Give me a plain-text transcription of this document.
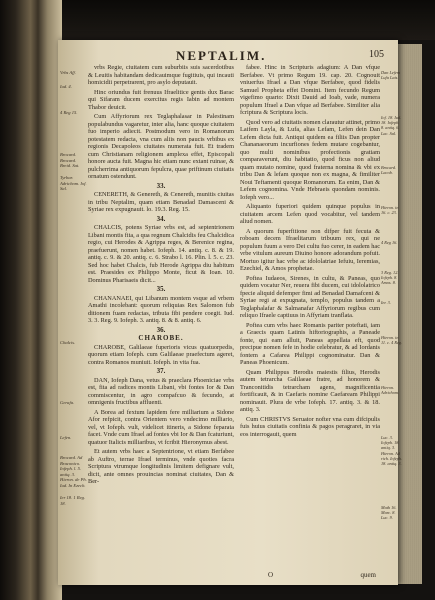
NEPTALIM.	105

vrbs Regie, ciuitatem cum suburbiis suis sacerdotibus & Leuitis habitandam dedicauimque fugitiuis, qui incauti homicidii perpetrarent, pro asylo deputauit.

Hinc oriundus fuit frenuus Ifraelitice gentis dux Barac qui Sifaram ducem exercitus regis Iabin ad montem Thabor deuicit.

Cum Affyriorum rex Teglaphalasar in Palestinam populabundus vagaretur, inter alia, hanc quoque ciuitatem fuo imperio adiecit. Postmodum vero in Romanorum potestatem redacta, vna cum aliis non paucis vrbibus ex regionis Decapoleos ciuitates numerata fuit. Et tradem cum Christianam religionem amplexa effet, Episcopali honore aucta fuit. Magna hic etiam nunc extant ruinae, & pulcherrima antiquorum fepulcra, quae priftinum ciuitatis ornatum ostendunt.

33.

CENERETH, & Genereth, & Cenereth, munitis ciuitas in tribu Neptalim, quam etiam Benadad Damasceni & Syriae rex expugnauit. lo. 19.3. Reg. 15.

34.

CHALCIS, potens Syriae vrbs est, ad septentrionem Libani montis fita, a qua regnum Chalcidis feu Chalcidica regio, cui Herodes & Agrippa reges, & Berenice regina, praefuerunt, nomen habet. Iofeph. 14. antiq. c. 8. & 19. antiq. c. 9. & 20. antiq. c. 6. Strabo l. 16. Plin. l. 5. c. 23. Sed hoc habet Chalcis, fub Herode Agrippa diu habitum est. Praesides ex Philippo Monte, ficut & Ioan. 10. Dominus Pharisaeis dicit...

35.

CHANANAEI, qui Libanum montem vsque ad vrbem Amathi incolebant: quorum reliquias Rex Salomon fub ditionem fuam redactas, tributa fibi pendere coegit. Iud. 3. 3. Reg. 9. Iofeph. 3. antiq. 8. & 8. antiq. 6.

36.
CHAROBE.

CHAROBE, Galilaeae fuperioris vicus quatuorpedis, quorum etiam Iofeph. cum Galilaeae praefectum ageret, contra Romanos muniuit. Iofeph. in vita fua.

37.

DAN, Iofeph Dana, vetus & praeclara Phoeniciae vrbs est, fita ad radices montis Libani, vbi fontes Ior & Dan commiscentur, in agro compafcuo & fecundo, at omnigenis fructibus affluenti.

A Borea ad fextum lapidem fere milliarium a Sidone Afor refpicit, contra Orientem vero vndecimo milliario, vel, vt Iofeph. vult, videlicet itineris, a Sidone feparata facet. Vnde cum Ifrael ad fontes vbi Ior & Dan fcaturiunt, quatuor Italicis milliaribus, vt fcribit Hieronymus abest.

Et autem vrbs haec a Septentrione, vt etiam Berfabee ab Auftro, terrae Ifrael terminus, vnde quoties facra Scriptura vtrumque longitudinis limitem defignare vult, dicit, ante omnes prouincias nominat ciuitates, Dan & Ber-

fabee. Hinc in Scripturis adagium: A Dan vfque Berfabee. Vt primo Regum 19. cap. 20. Cognouit vniuerfus Ifrael a Dan vfque Berfabee, quod fidelis Samuel Propheta effet Domini. Item fecundo Regum vigefimo quarto: Dixit Dauid ad Ioab, vade, numera populum Ifrael a Dan vfque ad Berfabee. Similiter alia fcriptura & Scriptura locis.

Quod vero ad ciuitatis nomen clarautur attinet, primo Laifem Layla, & Lufa, alias Lefam, Lefen dein Dan Lefem dicta fuit. Antiqui quidem ea filiis Dan propter Chananaeorum incurfiones fedem mutare cogebantur, quo multi nominibus profectionis gratiam comparaverunt, diu habitatio, quod ficus non aliud quam mutato nomine, quod fraterna nomina & vbi ex tribu Dan & lefam quoque non ex magna, & fimiliter Noui Teftamenti quoque Romanorum. Ea enim, Dan & Lefem cognomina. Vnde Hebraeis quondam nominis. Iofeph vero...

Aliquanto fuperiori quidem quinque populus in ciuitatem arcem Lefen quod vocabitur, vel tandem aliud nomen.

A quorum fuperfitione non difper fuit fecuta & roboam decem Ifraelitarum tribuum rex, qui ne populum fuum a vero Dei cultu fuo cerer, in eadem hac vrbe vitulum aureum Diuino honore adorandum pofuit. Mortuo igitur hac vrbe ac idololatriae Iefuiu, Ieremias, Ezechiel, & Amos prophetae.

Poftea Iudaeos, Sirenes, in cultu, & Paneas, quo quidem vocatur Ner, reuera fibi ducem, cui idololatrico fpecie aliquid defemper fimi ad Benadad Damafceni & Syriae regi at expugnata, templo, populus tandem a Teglaphalafar & Salmanafar Affyriorum regibus cum reliquo Ifraele captiuus in Affyriam tranflata.

Poftea cum vrbs haec Romanis pariter poteftati, iam a Graecis quam Latinis hiftoriographis, a Paneade fonte, qui eam alluit, Paneas appellata eft, quod precipue nomen fefe in hodie celebratur, & ad Iordanis fontem a Cafarea Philippi cognominatur. Dan & Paneas Phoenicum.

Quam Philippus Herodis maiestis filius, Herodis autem tetrarcha Galilaeae fratre, ad honorem & Tranconitidis tetrarcham agens, magnificentia fortificauit, & in Caefaris nomine Caefaream Philippi nominauit. Plura de vrbe Iofeph. 17. antiq. 3. & 18. antiq. 3.

Cum CHRISTVS Seruator nofter vna cum difcipulis fuis huius ciuitatis confinia & pagos peragraret, in via eos interrogauit, quem

Vrbs Aff.
Iud. 4.
4 Reg 15.
Brocard. Brocard. Breid. Sat.
Tyrbar. Adrichom. Iof. Sal.
Chalcis.
Gerafa.
Lefen.
Brocard. Ad Braconico. Iofeph. l. 5. antiq. 3. Hieron. de Ph. Iud. In Ezech.
Ier 18. 1 Reg. 18.
Dan Lefem Lufa Lais.
Iof. 18. Iud. 18. Iofeph. 8. antiq. 6. Lac. Sal.
Brocard. Lacob.
Hieron. in 16. c. 23.
4 Reg 16.
3 Reg. 12. Iofeph. 8. Amos. 8.
Ier. 3.
Hieron. in 11. c. 4 Reg.
Hieron. Adrichom.
Luc. 3. Iofeph. 18. antiq. 3. Hieron. Ad rich. Iofeph. 18. antiq. 3.
Math 16. Marc. 8. Luc. 9.
O	quem
